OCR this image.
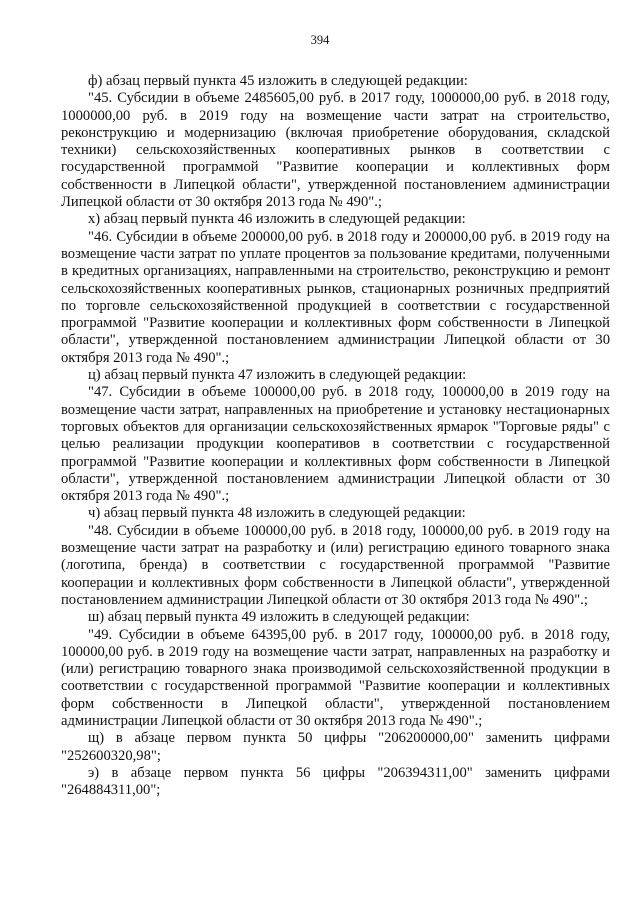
394

ф) абзац первый пункта 45 изложить в следующей редакции:

"45. Субсидии в объеме 2485605,00 руб. в 2017 году, 1000000,00 руб. в 2018 году, 1000000,00 руб. в 2019 году на возмещение части затрат на строительство, реконструкцию и модернизацию (включая приобретение оборудования, складской техники) сельскохозяйственных кооперативных рынков в соответствии с государственной программой "Развитие кооперации и коллективных форм собственности в Липецкой области", утвержденной постановлением администрации Липецкой области от 30 октября 2013 года № 490".;

х) абзац первый пункта 46 изложить в следующей редакции:

"46. Субсидии в объеме 200000,00 руб. в 2018 году и 200000,00 руб. в 2019 году на возмещение части затрат по уплате процентов за пользование кредитами, полученными в кредитных организациях, направленными на строительство, реконструкцию и ремонт сельскохозяйственных кооперативных рынков, стационарных розничных предприятий по торговле сельскохозяйственной продукцией в соответствии с государственной программой "Развитие кооперации и коллективных форм собственности в Липецкой области", утвержденной постановлением администрации Липецкой области от 30 октября 2013 года № 490".;

ц) абзац первый пункта 47 изложить в следующей редакции:

"47. Субсидии в объеме 100000,00 руб. в 2018 году, 100000,00 в 2019 году на возмещение части затрат, направленных на приобретение и установку нестационарных торговых объектов для организации сельскохозяйственных ярмарок "Торговые ряды" с целью реализации продукции кооперативов в соответствии с государственной программой "Развитие кооперации и коллективных форм собственности в Липецкой области", утвержденной постановлением администрации Липецкой области от 30 октября 2013 года № 490".;

ч) абзац первый пункта 48 изложить в следующей редакции:

"48. Субсидии в объеме 100000,00 руб. в 2018 году, 100000,00 руб. в 2019 году на возмещение части затрат на разработку и (или) регистрацию единого товарного знака (логотипа, бренда) в соответствии с государственной программой "Развитие кооперации и коллективных форм собственности в Липецкой области", утвержденной постановлением администрации Липецкой области от 30 октября 2013 года № 490".;

ш) абзац первый пункта 49 изложить в следующей редакции:

"49. Субсидии в объеме 64395,00 руб. в 2017 году, 100000,00 руб. в 2018 году, 100000,00 руб. в 2019 году на возмещение части затрат, направленных на разработку и (или) регистрацию товарного знака производимой сельскохозяйственной продукции в соответствии с государственной программой "Развитие кооперации и коллективных форм собственности в Липецкой области", утвержденной постановлением администрации Липецкой области от 30 октября 2013 года № 490".;

щ) в абзаце первом пункта 50 цифры "206200000,00" заменить цифрами "252600320,98";

э) в абзаце первом пункта 56 цифры "206394311,00" заменить цифрами "264884311,00";
